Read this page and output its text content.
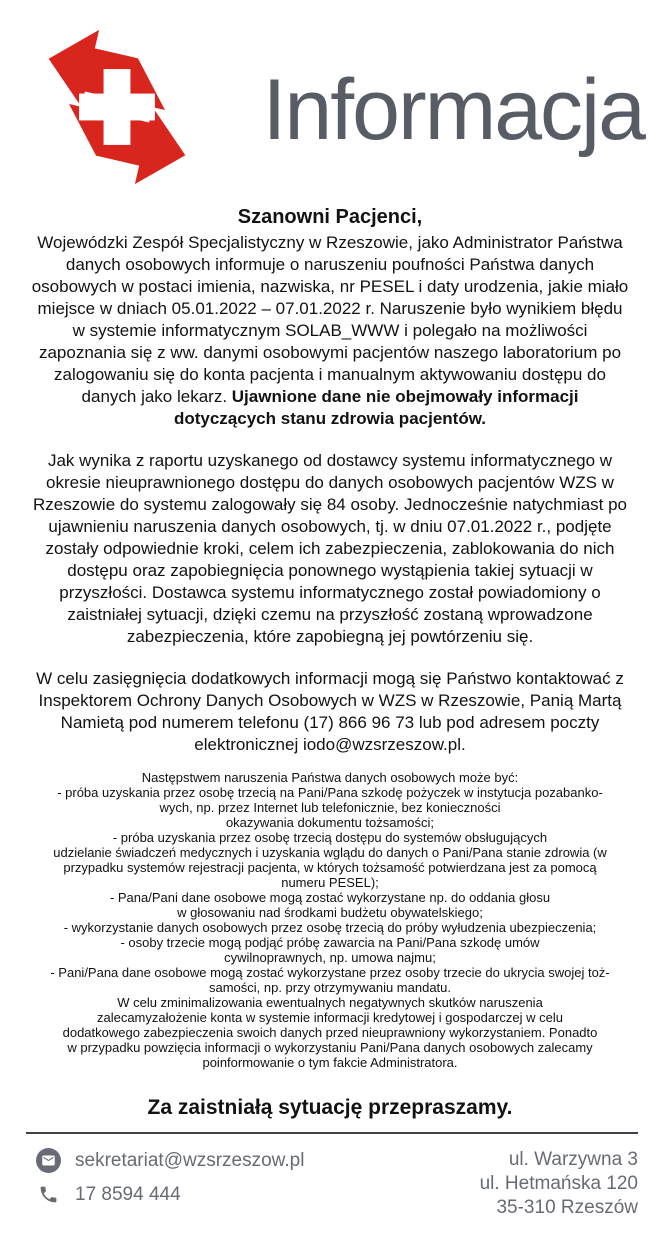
Informacja
Szanowni Pacjenci,

Wojewódzki Zespół Specjalistyczny w Rzeszowie, jako Administrator Państwa danych osobowych informuje o naruszeniu poufności Państwa danych osobowych w postaci imienia, nazwiska, nr PESEL i daty urodzenia, jakie miało miejsce w dniach 05.01.2022 – 07.01.2022 r. Naruszenie było wynikiem błędu w systemie informatycznym SOLAB_WWW i polegało na możliwości zapoznania się z ww. danymi osobowymi pacjentów naszego laboratorium po zalogowaniu się do konta pacjenta i manualnym aktywowaniu dostępu do danych jako lekarz. Ujawnione dane nie obejmowały informacji dotyczących stanu zdrowia pacjentów.

Jak wynika z raportu uzyskanego od dostawcy systemu informatycznego w okresie nieuprawnionego dostępu do danych osobowych pacjentów WZS w Rzeszowie do systemu zalogowały się 84 osoby. Jednocześnie natychmiast po ujawnieniu naruszenia danych osobowych, tj. w dniu 07.01.2022 r., podjęte zostały odpowiednie kroki, celem ich zabezpieczenia, zablokowania do nich dostępu oraz zapobiegnięcia ponownego wystąpienia takiej sytuacji w przyszłości. Dostawca systemu informatycznego został powiadomiony o zaistniałej sytuacji, dzięki czemu na przyszłość zostaną wprowadzone zabezpieczenia, które zapobiegną jej powtórzeniu się.

W celu zasięgnięcia dodatkowych informacji mogą się Państwo kontaktować z Inspektorem Ochrony Danych Osobowych w WZS w Rzeszowie, Panią Martą Namietą pod numerem telefonu (17) 866 96 73 lub pod adresem poczty elektronicznej iodo@wzsrzeszow.pl.

Następstwem naruszenia Państwa danych osobowych może być:
- próba uzyskania przez osobę trzecią na Pani/Pana szkodę pożyczek w instytucja pozabanko-
wych, np. przez Internet lub telefonicznie, bez konieczności
okazywania dokumentu tożsamości;
- próba uzyskania przez osobę trzecią dostępu do systemów obsługujących
udzielanie świadczeń medycznych i uzyskania wglądu do danych o Pani/Pana stanie zdrowia (w
przypadku systemów rejestracji pacjenta, w których tożsamość potwierdzana jest za pomocą
numeru PESEL);
- Pana/Pani dane osobowe mogą zostać wykorzystane np. do oddania głosu
w głosowaniu nad środkami budżetu obywatelskiego;
- wykorzystanie danych osobowych przez osobę trzecią do próby wyłudzenia ubezpieczenia;
- osoby trzecie mogą podjąć próbę zawarcia na Pani/Pana szkodę umów
cywilnoprawnych, np. umowa najmu;
- Pani/Pana dane osobowe mogą zostać wykorzystane przez osoby trzecie do ukrycia swojej toż-
samości, np. przy otrzymywaniu mandatu.
W celu zminimalizowania ewentualnych negatywnych skutków naruszenia
zalecamyzałożenie konta w systemie informacji kredytowej i gospodarczej w celu
dodatkowego zabezpieczenia swoich danych przed nieuprawniony wykorzystaniem. Ponadto
w przypadku powzięcia informacji o wykorzystaniu Pani/Pana danych osobowych zalecamy
poinformowanie o tym fakcie Administratora.
Za zaistniałą sytuację przepraszamy.
sekretariat@wzsrzeszow.pl
17 8594 444
ul. Warzywna 3
ul. Hetmańska 120
35-310 Rzeszów
